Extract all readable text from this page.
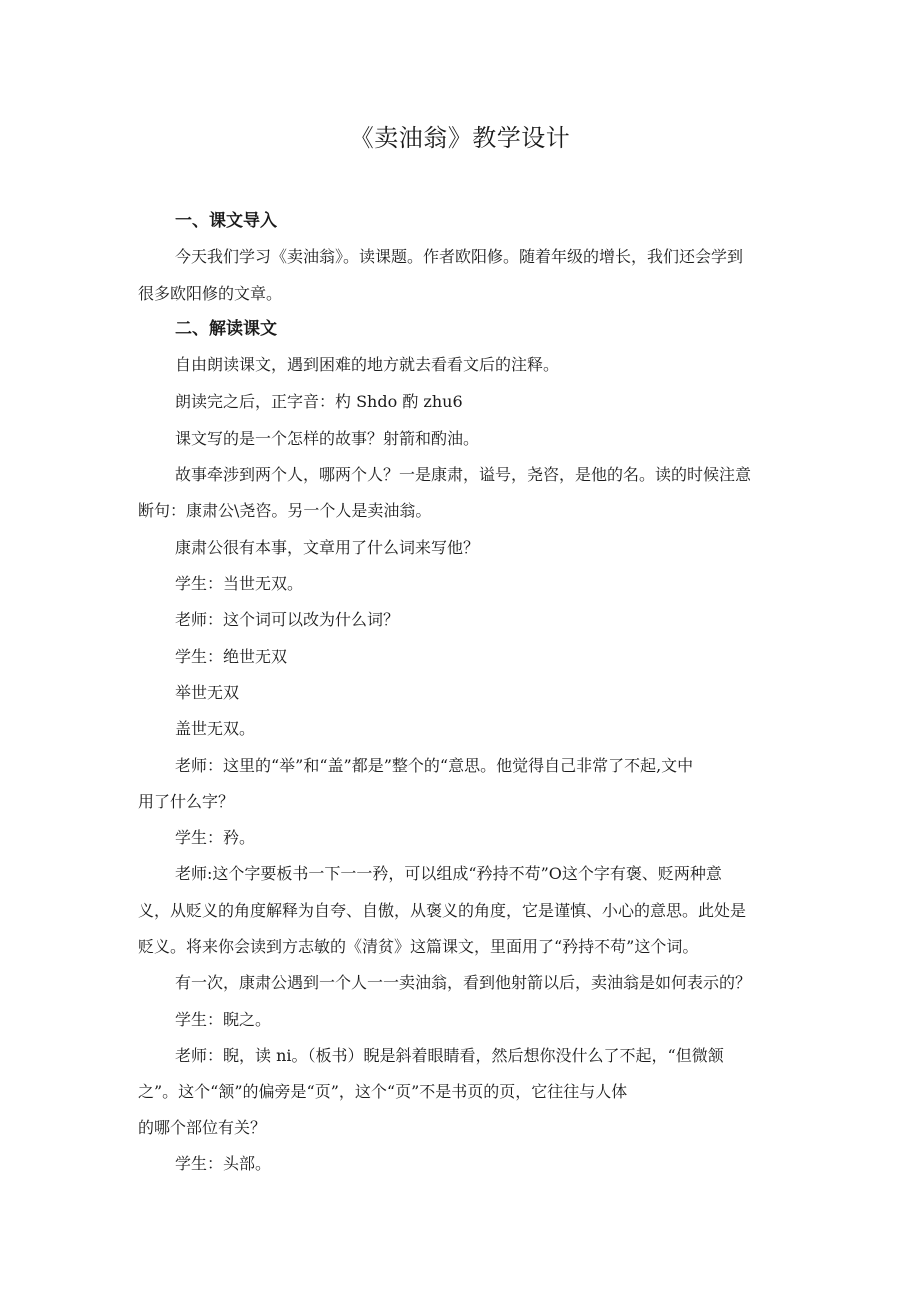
《卖油翁》教学设计
一、课文导入

今天我们学习《卖油翁》。读课题。作者欧阳修。随着年级的增长，我们还会学到

很多欧阳修的文章。

二、解读课文

自由朗读课文，遇到困难的地方就去看看文后的注释。

朗读完之后，正字音：杓 Shdo 酌 zhu6

课文写的是一个怎样的故事？射箭和酌油。

故事牵涉到两个人，哪两个人？一是康肃，谥号，尧咨，是他的名。读的时候注意

断句：康肃公\尧咨。另一个人是卖油翁。

康肃公很有本事，文章用了什么词来写他？

学生：当世无双。

老师：这个词可以改为什么词？

学生：绝世无双

举世无双

盖世无双。

老师：这里的“举”和“盖”都是”整个的“意思。他觉得自己非常了不起,文中

用了什么字？

学生：矜。

老师:这个字要板书一下一一矜，可以组成“矜持不苟”O这个字有褒、贬两种意

义，从贬义的角度解释为自夸、自傲，从褒义的角度，它是谨慎、小心的意思。此处是

贬义。将来你会读到方志敏的《清贫》这篇课文，里面用了“矜持不苟”这个词。

有一次，康肃公遇到一个人一一卖油翁，看到他射箭以后，卖油翁是如何表示的？

学生：睨之。

老师：睨，读 ni。（板书）睨是斜着眼睛看，然后想你没什么了不起，“但微颔

之”。这个“颔”的偏旁是“页”，这个“页”不是书页的页，它往往与人体

的哪个部位有关？

学生：头部。
